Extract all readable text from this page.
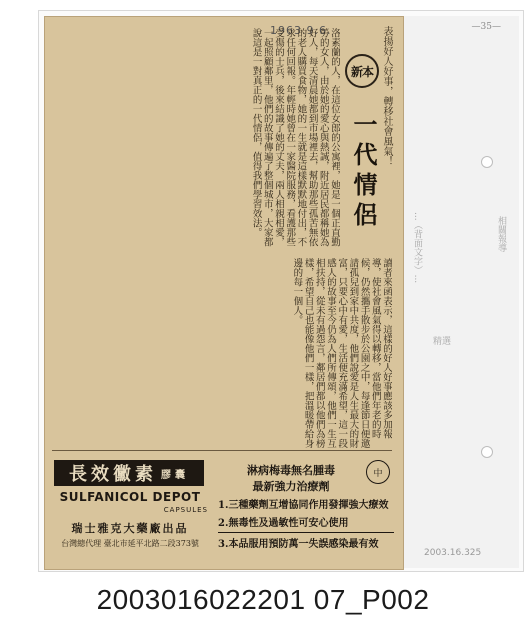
—35—
...（背面文字）...
精選
相關報導
1963.9.6.	表揚好人好事，轉移社會風氣！
新本
一代情侶
洛素蘭的人，在這位女郎的公寓裡，她是一個正直勤勞的女人，由於她的愛心與熱誠，附近居民都稱她為好人，每天清晨她都到市場裡去，幫助那些孤苦無依的老人購買食物，她的一生就是這樣默默地付出，不求任何回報。年輕時她曾在一家醫院服務，看護那些受傷的士兵，後來結識了她的丈夫，兩人相親相愛，一起照顧鄰里，他們的故事傳遍了整個城市，大家都說這是一對真正的一代情侶，值得我們學習效法。
讀者來函表示，這樣的好人好事應該多加報導，使社會風氣得以轉移，當他們年老的時候，仍然攜手散步於公園之中，每逢節日便邀請孤兒到家中共度，他們說愛是人生最大的財富，只要心中有愛，生活便充滿希望，這一段感人的故事至今仍為人們所傳頌，他們一生互相扶持，從未有過怨言，鄰居們都以他們為榜樣，希望自己也能像他們一樣，把溫暖帶給身邊的每一個人。
長效黴素 膠囊
SULFANICOL DEPOT
CAPSULES
瑞士雅克大藥廠出品
台灣總代理 臺北市延平北路二段373號
淋病梅毒無名腫毒
最新強力治療劑
中
1.三種藥劑互增協同作用發揮強大療效
2.無毒性及過敏性可安心使用
3.本品服用預防萬一失誤感染最有效
2003.16.325
2003016022201 07_P002
